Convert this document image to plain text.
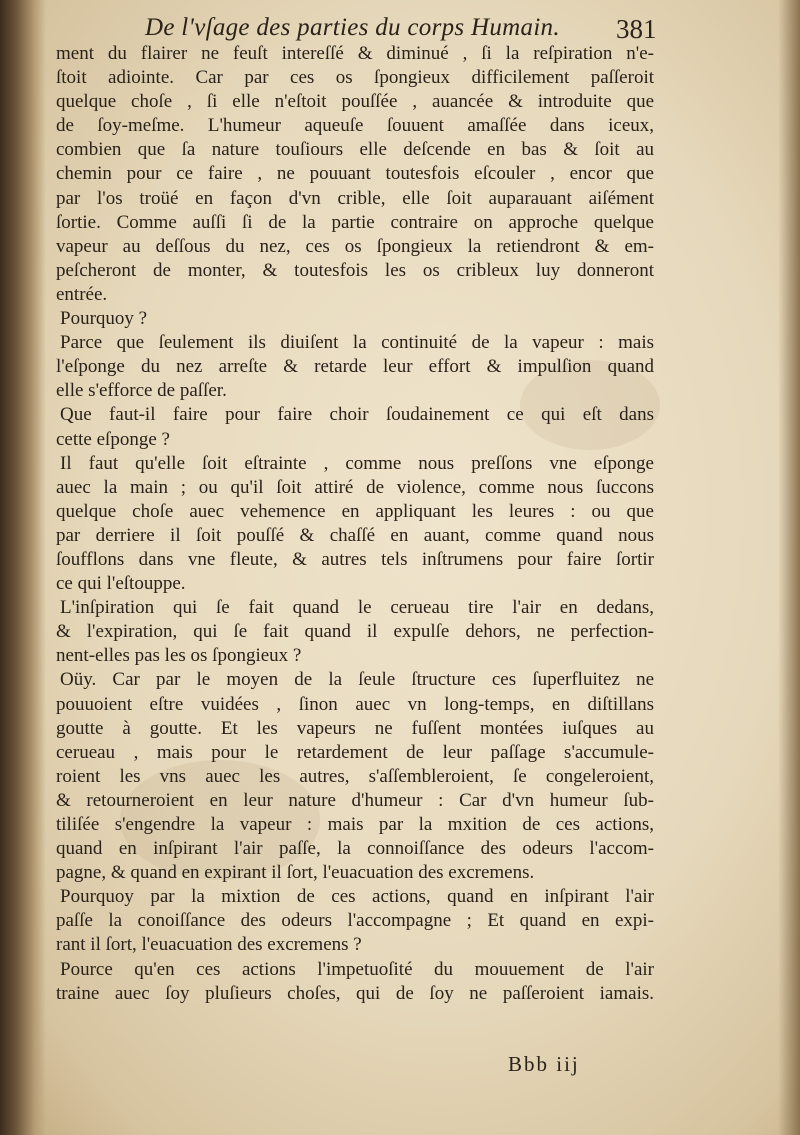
De l'vſage des parties du corps Humain.	381
ment du flairer ne feuſt intereſſé & diminué , ſi la reſpiration n'e-
ſtoit adiointe. Car par ces os ſpongieux difficilement paſſeroit
quelque choſe , ſi elle n'eſtoit pouſſée , auancée & introduite que
de ſoy-meſme. L'humeur aqueuſe ſouuent amaſſée dans iceux,
combien que ſa nature touſiours elle deſcende en bas & ſoit au
chemin pour ce faire , ne pouuant toutesfois eſcouler , encor que
par l'os troüé en façon d'vn crible, elle ſoit auparauant aiſément
ſortie. Comme auſſi ſi de la partie contraire on approche quelque
vapeur au deſſous du nez, ces os ſpongieux la retiendront & em-
peſcheront de monter, & toutesfois les os cribleux luy donneront
entrée.
Pourquoy ?
Parce que ſeulement ils diuiſent la continuité de la vapeur : mais
l'eſponge du nez arreſte & retarde leur effort & impulſion quand
elle s'efforce de paſſer.
Que faut-il faire pour faire choir ſoudainement ce qui eſt dans
cette eſponge ?
Il faut qu'elle ſoit eſtrainte , comme nous preſſons vne eſponge
auec la main ; ou qu'il ſoit attiré de violence, comme nous ſuccons
quelque choſe auec vehemence en appliquant les leures : ou que
par derriere il ſoit pouſſé & chaſſé en auant, comme quand nous
ſoufflons dans vne fleute, & autres tels inſtrumens pour faire ſortir
ce qui l'eſtouppe.
L'inſpiration qui ſe fait quand le cerueau tire l'air en dedans,
& l'expiration, qui ſe fait quand il expulſe dehors, ne perfection-
nent-elles pas les os ſpongieux ?
Oüy. Car par le moyen de la ſeule ſtructure ces ſuperfluitez ne
pouuoient eſtre vuidées , ſinon auec vn long-temps, en diſtillans
goutte à goutte. Et les vapeurs ne fuſſent montées iuſques au
cerueau , mais pour le retardement de leur paſſage s'accumule-
roient les vns auec les autres, s'aſſembleroient, ſe congeleroient,
& retourneroient en leur nature d'humeur : Car d'vn humeur ſub-
tiliſée s'engendre la vapeur : mais par la mxition de ces actions,
quand en inſpirant l'air paſſe, la connoiſſance des odeurs l'accom-
pagne, & quand en expirant il ſort, l'euacuation des excremens.
Pourquoy par la mixtion de ces actions, quand en inſpirant l'air
paſſe la conoiſſance des odeurs l'accompagne ; Et quand en expi-
rant il ſort, l'euacuation des excremens ?
Pource qu'en ces actions l'impetuoſité du mouuement de l'air
traine auec ſoy pluſieurs choſes, qui de ſoy ne paſſeroient iamais.
Bbb iij
